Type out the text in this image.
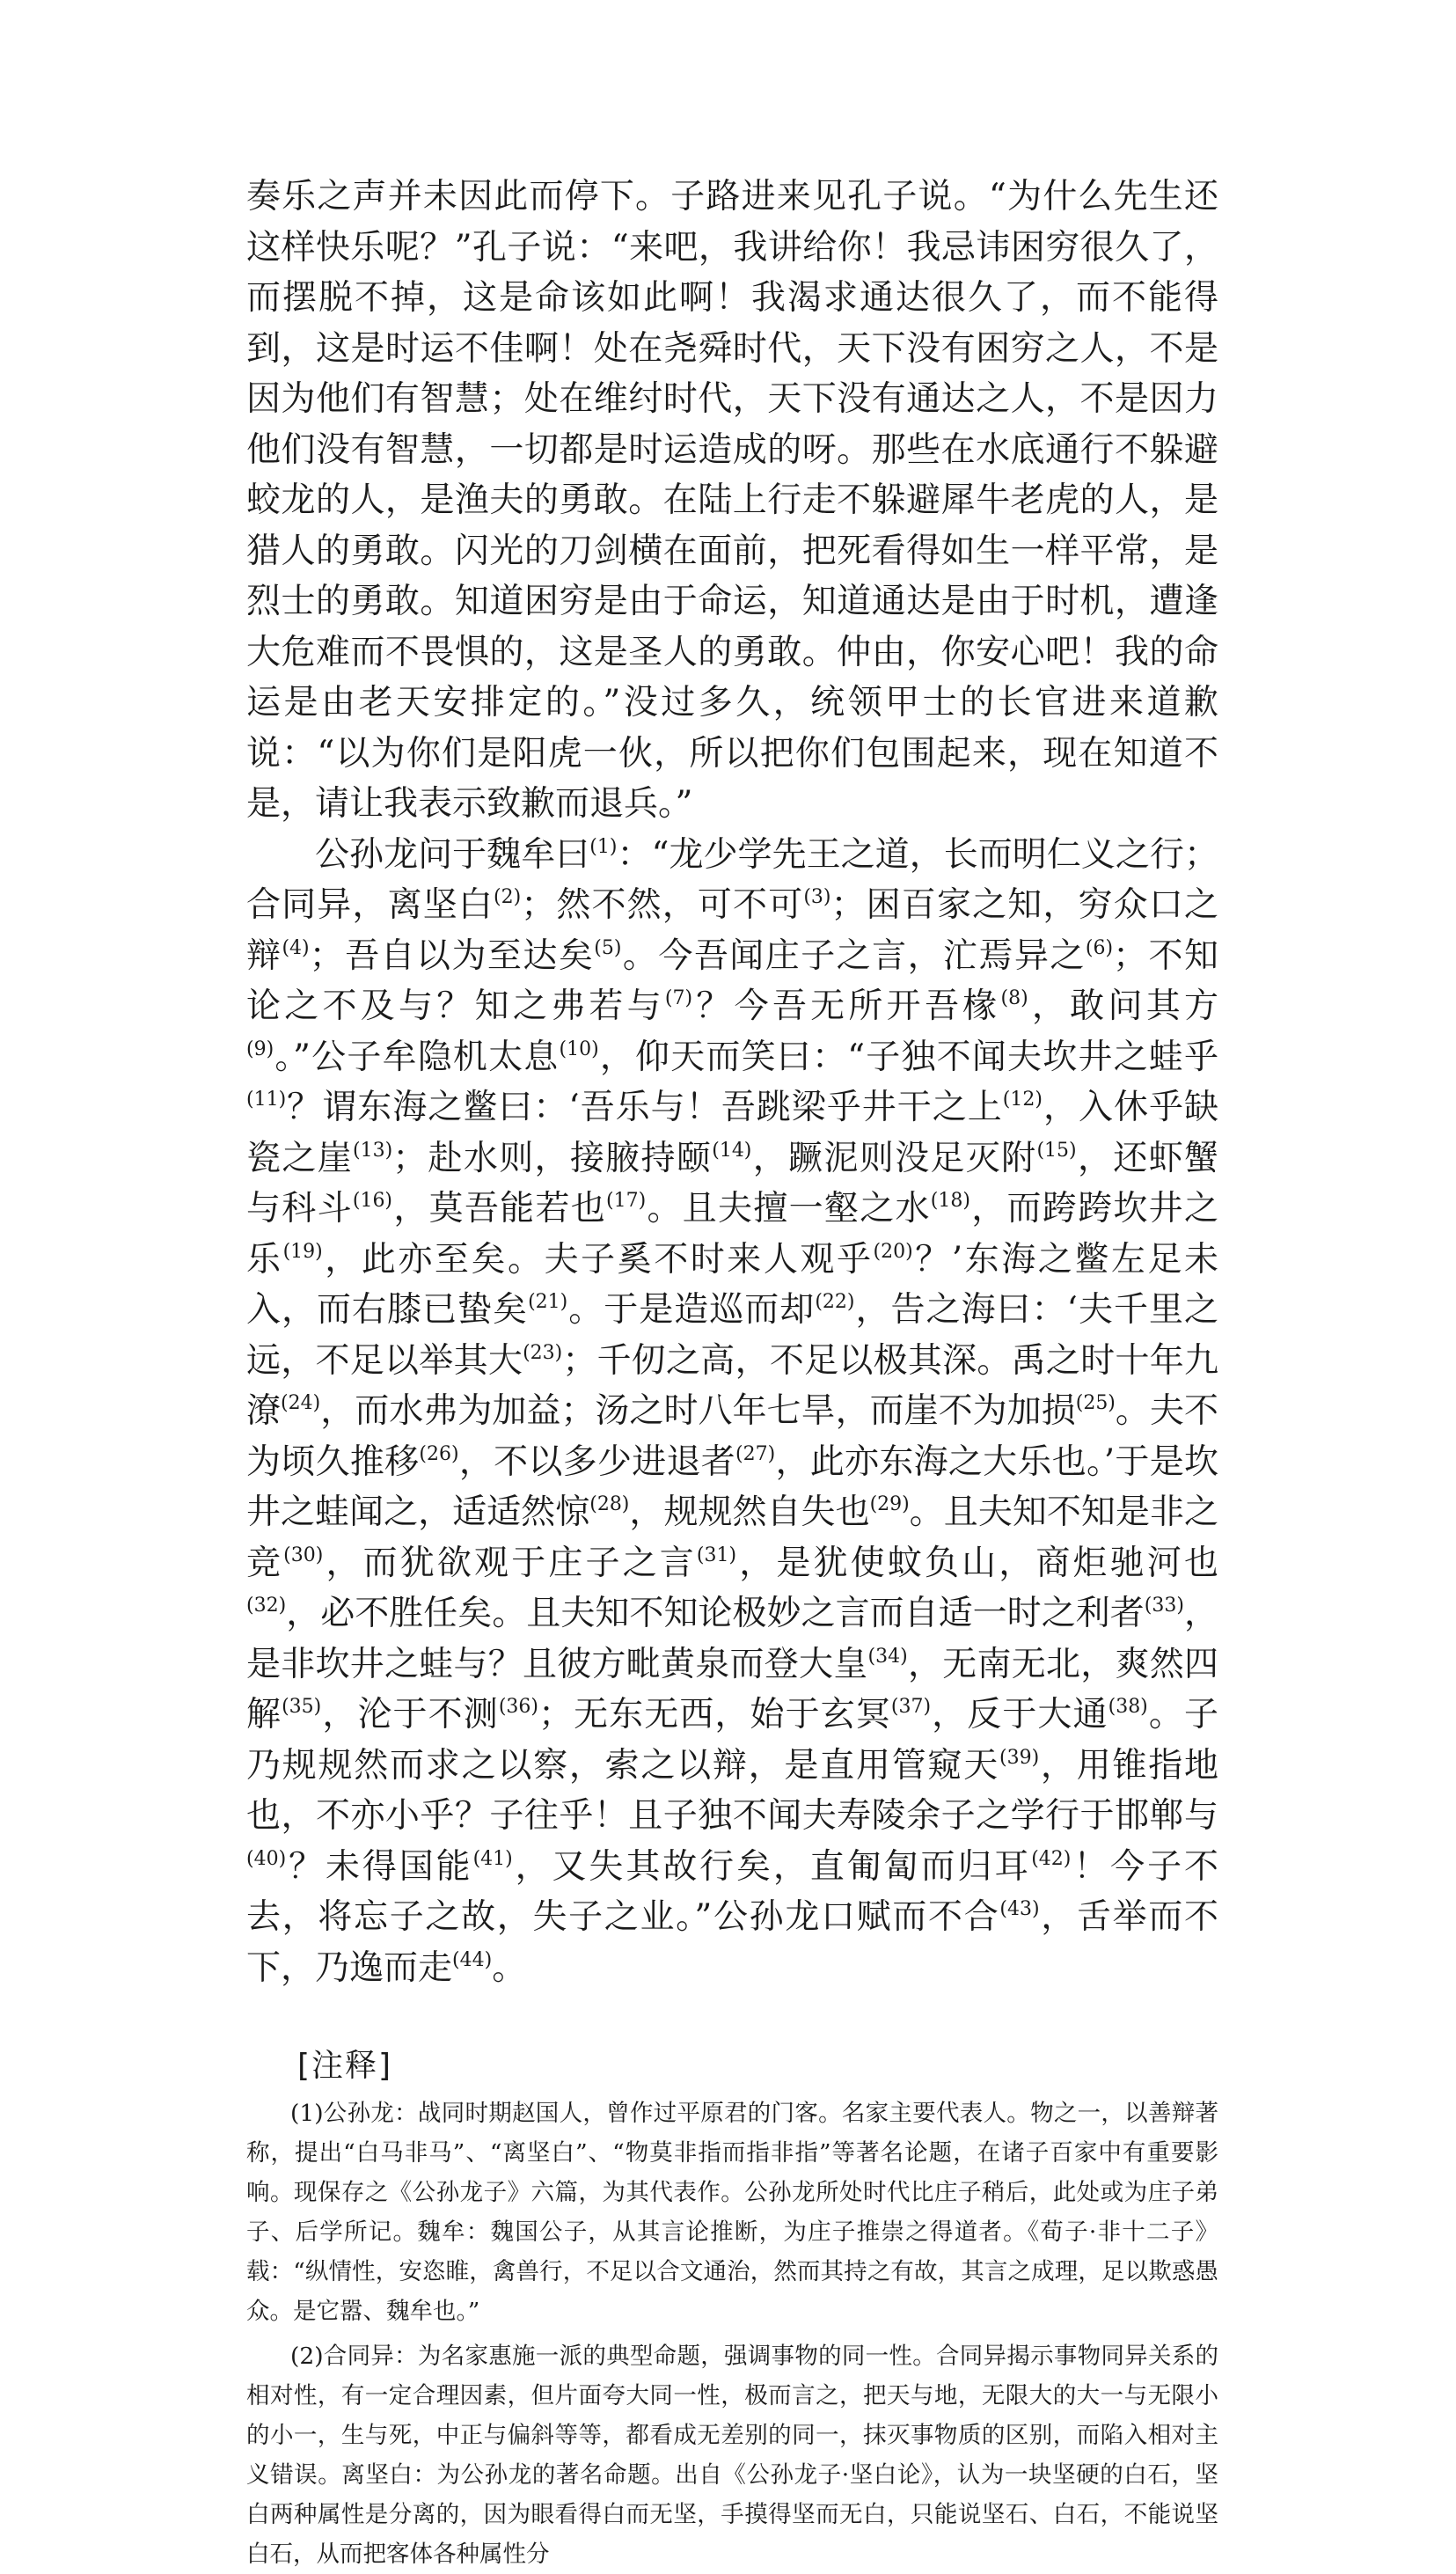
奏乐之声并未因此而停下。子路进来见孔子说。“为什么先生还这样快乐呢？”孔子说：“来吧，我讲给你！我忌讳困穷很久了，而摆脱不掉，这是命该如此啊！我渴求通达很久了，而不能得到，这是时运不佳啊！处在尧舜时代，天下没有困穷之人，不是因为他们有智慧；处在维纣时代，天下没有通达之人，不是因力他们没有智慧，一切都是时运造成的呀。那些在水底通行不躲避蛟龙的人，是渔夫的勇敢。在陆上行走不躲避犀牛老虎的人，是猎人的勇敢。闪光的刀剑横在面前，把死看得如生一样平常，是烈士的勇敢。知道困穷是由于命运，知道通达是由于时机，遭逢大危难而不畏惧的，这是圣人的勇敢。仲由，你安心吧！我的命运是由老天安排定的。”没过多久，统领甲士的长官进来道歉说：“以为你们是阳虎一伙，所以把你们包围起来，现在知道不是，请让我表示致歉而退兵。”

公孙龙问于魏牟曰$^{(1)}$：“龙少学先王之道，长而明仁义之行；合同异，离坚白$^{(2)}$；然不然，可不可$^{(3)}$；困百家之知，穷众口之辩$^{(4)}$；吾自以为至达矣$^{(5)}$。今吾闻庄子之言，汒焉异之$^{(6)}$；不知论之不及与？知之弗若与$^{(7)}$？今吾无所开吾椽$^{(8)}$，敢问其方$^{(9)}$。”公子牟隐机太息$^{(10)}$，仰天而笑曰：“子独不闻夫坎井之蛙乎$^{(11)}$？谓东海之鳖曰：‘吾乐与！吾跳梁乎井干之上$^{(12)}$，入休乎缺瓷之崖$^{(13)}$；赴水则，接腋持颐$^{(14)}$，蹶泥则没足灭附$^{(15)}$，还虾蟹与科斗$^{(16)}$，莫吾能若也$^{(17)}$。且夫擅一壑之水$^{(18)}$，而跨跨坎井之乐$^{(19)}$，此亦至矣。夫子奚不时来人观乎$^{(20)}$？’东海之鳖左足未入，而右膝已蛰矣$^{(21)}$。于是造巡而却$^{(22)}$，告之海曰：‘夫千里之远，不足以举其大$^{(23)}$；千仞之高，不足以极其深。禹之时十年九潦$^{(24)}$，而水弗为加益；汤之时八年七旱，而崖不为加损$^{(25)}$。夫不为顷久推移$^{(26)}$，不以多少进退者$^{(27)}$，此亦东海之大乐也。’于是坎井之蛙闻之，适适然惊$^{(28)}$，规规然自失也$^{(29)}$。且夫知不知是非之竞$^{(30)}$，而犹欲观于庄子之言$^{(31)}$，是犹使蚊负山，商炬驰河也$^{(32)}$，必不胜任矣。且夫知不知论极妙之言而自适一时之利者$^{(33)}$，是非坎井之蛙与？且彼方毗黄泉而登大皇$^{(34)}$，无南无北，爽然四解$^{(35)}$，沦于不测$^{(36)}$；无东无西，始于玄冥$^{(37)}$，反于大通$^{(38)}$。子乃规规然而求之以察，索之以辩，是直用管窥天$^{(39)}$，用锥指地也，不亦小乎？子往乎！且子独不闻夫寿陵余子之学行于邯郸与$^{(40)}$？未得国能$^{(41)}$，又失其故行矣，直匍匐而归耳$^{(42)}$！今子不去，将忘子之故，失子之业。”公孙龙口赋而不合$^{(43)}$，舌举而不下，乃逸而走$^{(44)}$。

[注释]

(1)公孙龙：战同时期赵国人，曾作过平原君的门客。名家主要代表人。物之一，以善辩著称，提出“白马非马”、“离坚白”、“物莫非指而指非指”等著名论题，在诸子百家中有重要影响。现保存之《公孙龙子》六篇，为其代表作。公孙龙所处时代比庄子稍后，此处或为庄子弟子、后学所记。魏牟：魏国公子，从其言论推断，为庄子推崇之得道者。《荀子·非十二子》载：“纵情性，安恣睢，禽兽行，不足以合文通治，然而其持之有故，其言之成理，足以欺惑愚众。是它嚣、魏牟也。”

(2)合同异：为名家惠施一派的典型命题，强调事物的同一性。合同异揭示事物同异关系的相对性，有一定合理因素，但片面夸大同一性，极而言之，把天与地，无限大的大一与无限小的小一，生与死，中正与偏斜等等，都看成无差别的同一，抹灭事物质的区别，而陷入相对主义错误。离坚白：为公孙龙的著名命题。出自《公孙龙子·坚白论》，认为一块坚硬的白石，坚白两种属性是分离的，因为眼看得白而无坚，手摸得坚而无白，只能说坚石、白石，不能说坚白石，从而把客体各种属性分
